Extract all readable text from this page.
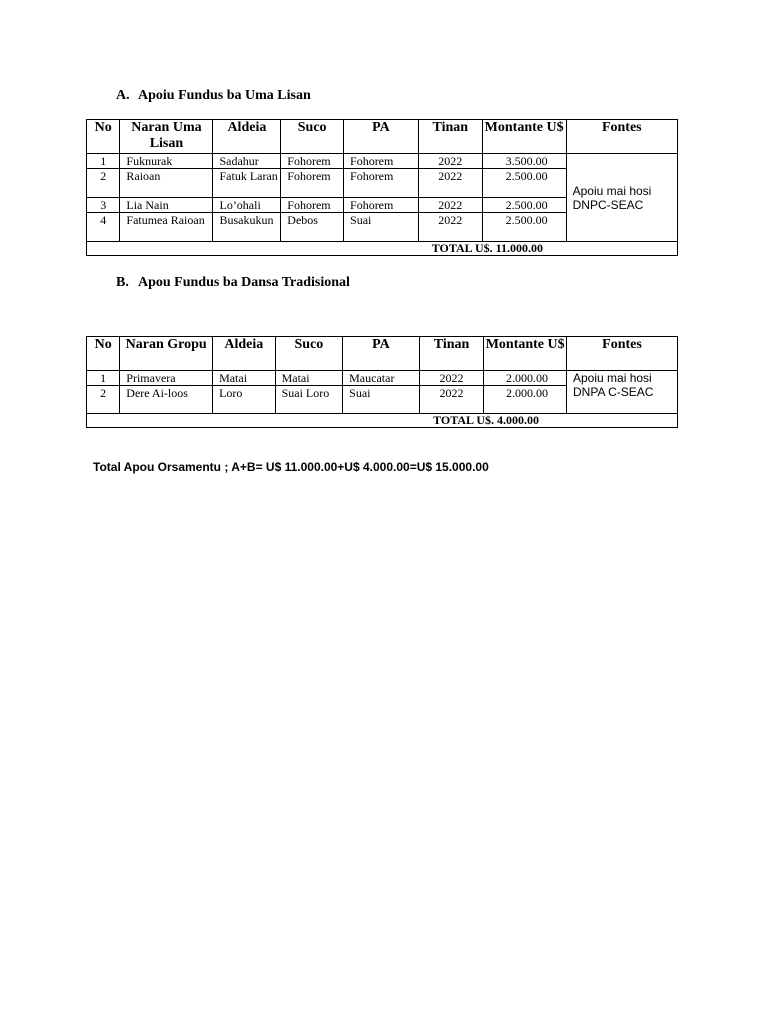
A. Apoiu Fundus ba Uma Lisan
No	Naran Uma Lisan	Aldeia	Suco	PA	Tinan	Montante U$	Fontes
1	Fuknurak	Sadahur	Fohorem	Fohorem	2022	3.500.00	Apoiu mai hosi DNPC-SEAC
2	Raioan	Fatuk Laran	Fohorem	Fohorem	2022	2.500.00	
3	Lia Nain	Lo’ohali	Fohorem	Fohorem	2022	2.500.00	
4	Fatumea Raioan	Busakukun	Debos	Suai	2022	2.500.00	
TOTAL U$. 11.000.00							
B. Apou Fundus ba Dansa Tradisional
No	Naran Gropu	Aldeia	Suco	PA	Tinan	Montante U$	Fontes
1	Primavera	Matai	Matai	Maucatar	2022	2.000.00	Apoiu mai hosi DNPA C-SEAC
2	Dere Ai-loos	Loro	Suai Loro	Suai	2022	2.000.00	
TOTAL U$. 4.000.00							
Total Apou Orsamentu ; A+B= U$ 11.000.00+U$ 4.000.00=U$ 15.000.00
